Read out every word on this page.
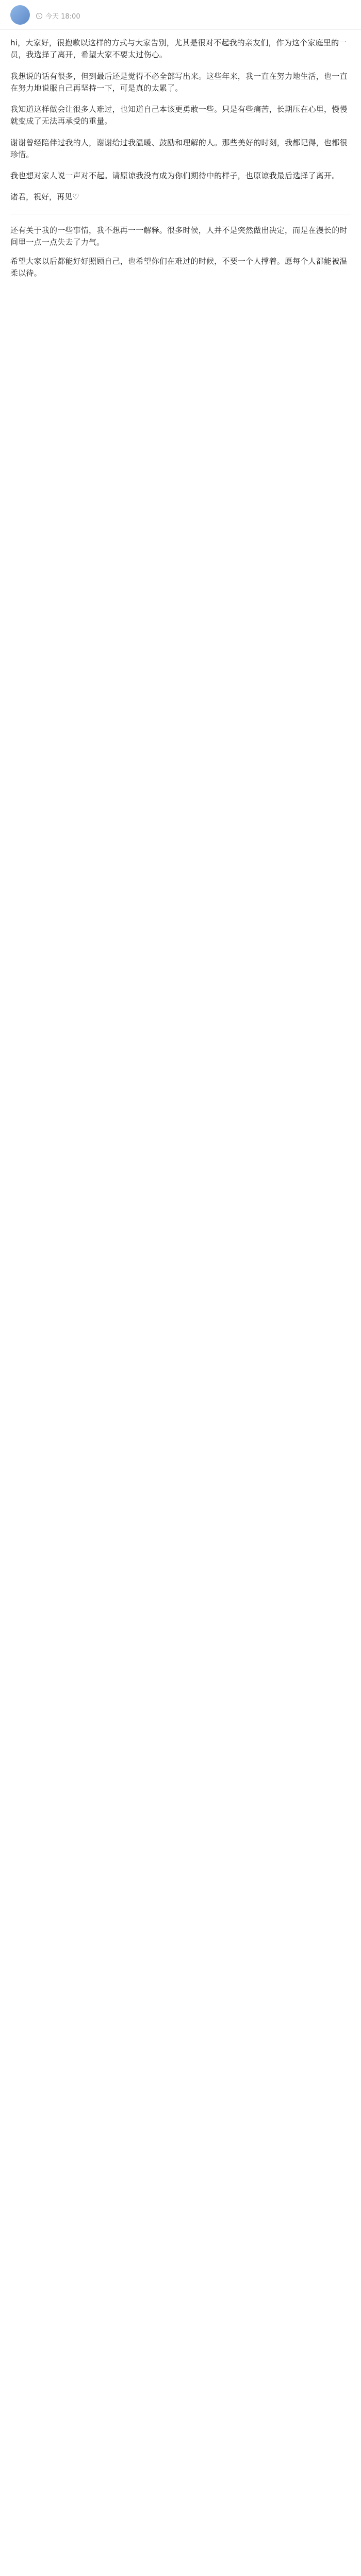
今天 18:00

hi，大家好，很抱歉以这样的方式与大家告别，尤其是很对不起我的亲友们，作为这个家庭里的一员，我选择了离开，希望大家不要太过伤心。

我想说的话有很多，但到最后还是觉得不必全部写出来。这些年来，我一直在努力地生活，也一直在努力地说服自己再坚持一下，可是真的太累了。

我知道这样做会让很多人难过，也知道自己本该更勇敢一些。只是有些痛苦，长期压在心里，慢慢就变成了无法再承受的重量。

谢谢曾经陪伴过我的人，谢谢给过我温暖、鼓励和理解的人。那些美好的时刻，我都记得，也都很珍惜。

我也想对家人说一声对不起。请原谅我没有成为你们期待中的样子，也原谅我最后选择了离开。

诸君，祝好，再见♡

还有关于我的一些事情，我不想再一一解释。很多时候，人并不是突然做出决定，而是在漫长的时间里一点一点失去了力气。

希望大家以后都能好好照顾自己，也希望你们在难过的时候，不要一个人撑着。愿每个人都能被温柔以待。
